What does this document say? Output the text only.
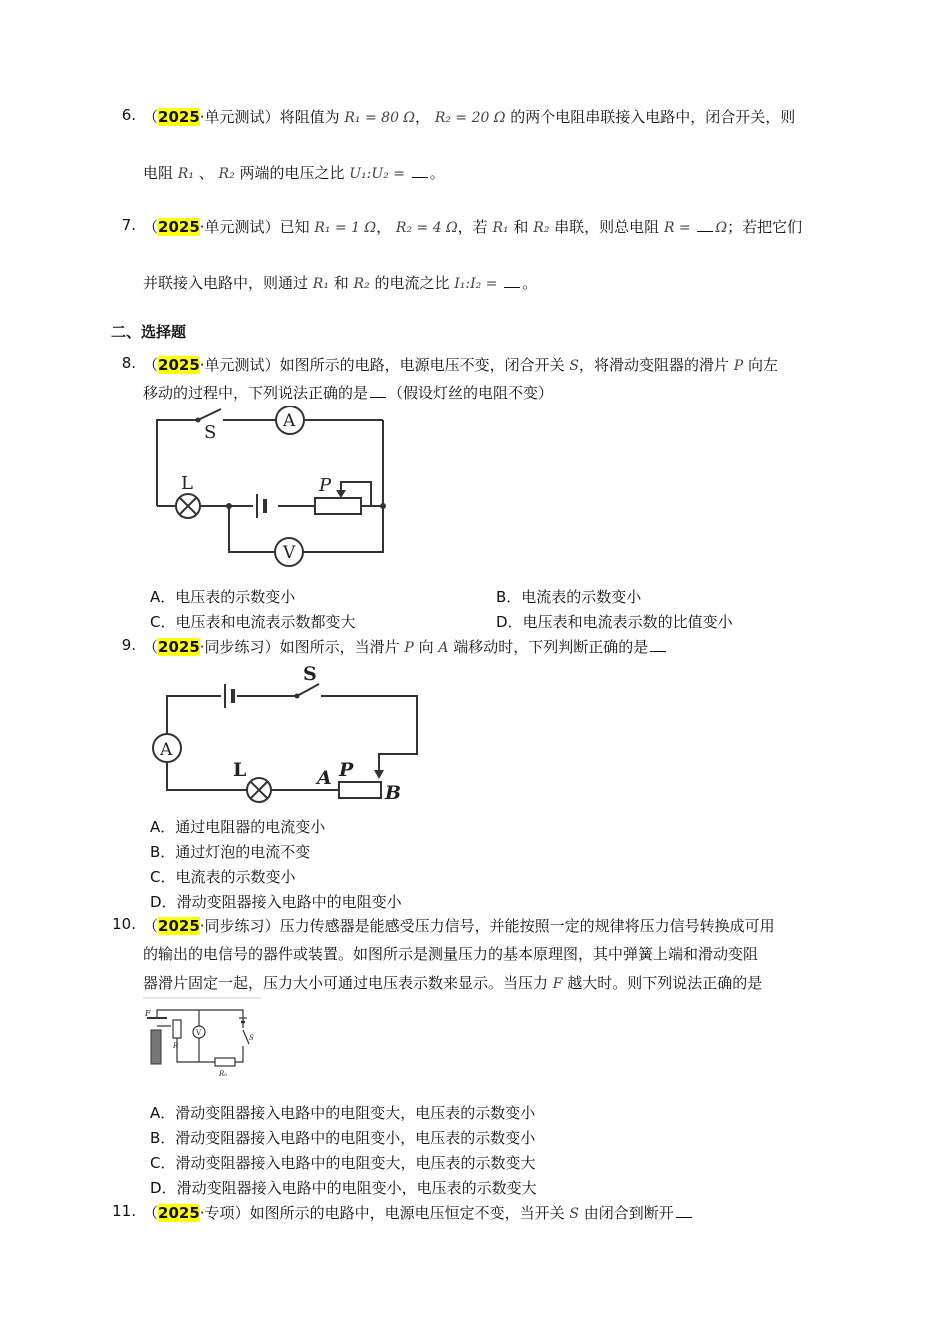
6. （2025·单元测试）将阻值为 R₁ = 80 Ω， R₂ = 20 Ω 的两个电阻串联接入电路中，闭合开关，则
电阻 R₁ 、 R₂ 两端的电压之比 U₁:U₂ = 。
7. （2025·单元测试）已知 R₁ = 1 Ω， R₂ = 4 Ω，若 R₁ 和 R₂ 串联，则总电阻 R = Ω；若把它们
并联接入电路中，则通过 R₁ 和 R₂ 的电流之比 I₁:I₂ = 。
二、选择题
8. （2025·单元测试）如图所示的电路，电源电压不变，闭合开关 S，将滑动变阻器的滑片 P 向左
移动的过程中，下列说法正确的是 （假设灯丝的电阻不变）
S
A
L	P
V
A．电压表的示数变小	B．电流表的示数变小
C．电压表和电流表示数都变大	D．电压表和电流表示数的比值变小
9. （2025·同步练习）如图所示，当滑片 P 向 A 端移动时，下列判断正确的是
S
A
L	A P
B
A．通过电阻器的电流变小
B．通过灯泡的电流不变
C．电流表的示数变小
D．滑动变阻器接入电路中的电阻变小
10. （2025·同步练习）压力传感器是能感受压力信号，并能按照一定的规律将压力信号转换成可用
的输出的电信号的器件或装置。如图所示是测量压力的基本原理图，其中弹簧上端和滑动变阻
器滑片固定一起，压力大小可通过电压表示数来显示。当压力 F 越大时。则下列说法正确的是
F
R
V
S
R₀
A．滑动变阻器接入电路中的电阻变大，电压表的示数变小
B．滑动变阻器接入电路中的电阻变小，电压表的示数变小
C．滑动变阻器接入电路中的电阻变大，电压表的示数变大
D．滑动变阻器接入电路中的电阻变小，电压表的示数变大
11. （2025·专项）如图所示的电路中，电源电压恒定不变，当开关 S 由闭合到断开
